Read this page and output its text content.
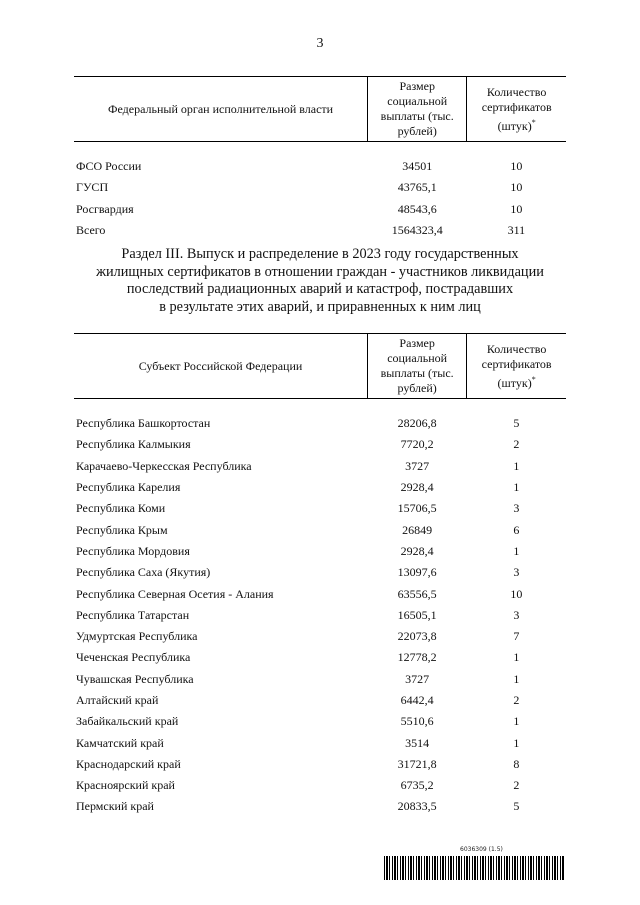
3
Федеральный орган исполнительной власти	Размер социальной выплаты (тыс. рублей)	Количество сертификатов (штук)*

ФСО России	34501	10
ГУСП	43765,1	10
Росгвардия	48543,6	10
Всего	1564323,4	311
Раздел III. Выпуск и распределение в 2023 году государственных
жилищных сертификатов в отношении граждан - участников ликвидации
последствий радиационных аварий и катастроф, пострадавших
в результате этих аварий, и приравненных к ним лиц
Субъект Российской Федерации	Размер социальной выплаты (тыс. рублей)	Количество сертификатов (штук)*

Республика Башкортостан	28206,8	5
Республика Калмыкия	7720,2	2
Карачаево-Черкесская Республика	3727	1
Республика Карелия	2928,4	1
Республика Коми	15706,5	3
Республика Крым	26849	6
Республика Мордовия	2928,4	1
Республика Саха (Якутия)	13097,6	3
Республика Северная Осетия - Алания	63556,5	10
Республика Татарстан	16505,1	3
Удмуртская Республика	22073,8	7
Чеченская Республика	12778,2	1
Чувашская Республика	3727	1
Алтайский край	6442,4	2
Забайкальский край	5510,6	1
Камчатский край	3514	1
Краснодарский край	31721,8	8
Красноярский край	6735,2	2
Пермский край	20833,5	5
6036309 (1.5)
